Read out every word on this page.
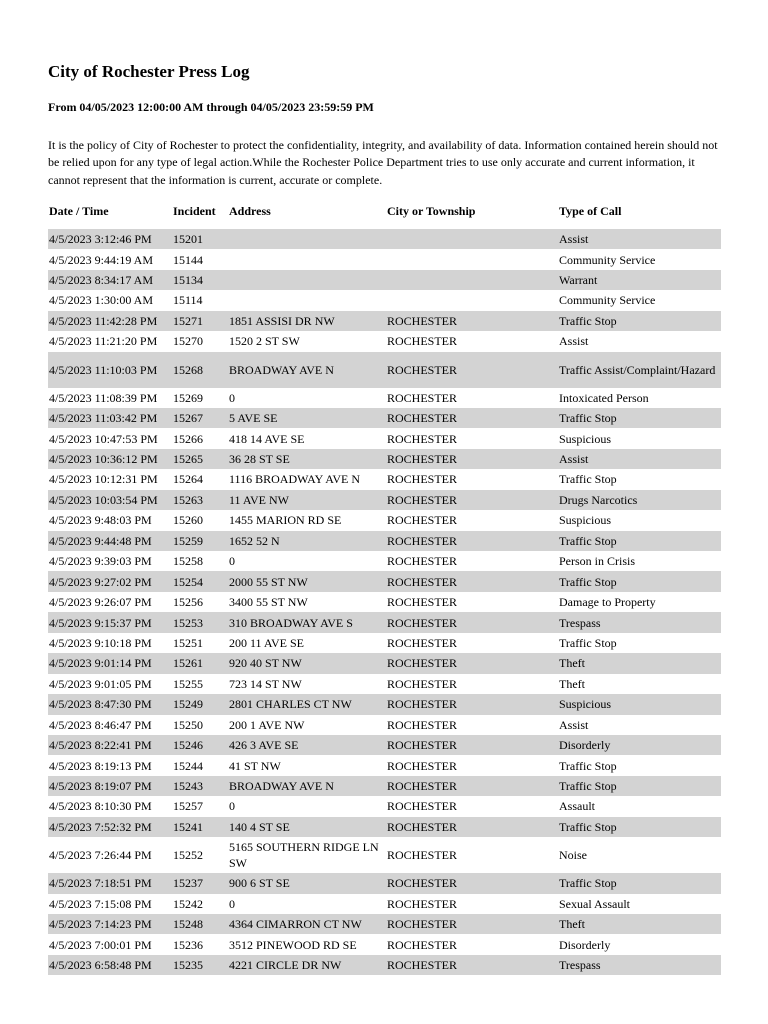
City of Rochester Press Log
From 04/05/2023 12:00:00 AM through 04/05/2023 23:59:59 PM
It is the policy of City of Rochester to protect the confidentiality, integrity, and availability of data. Information contained herein should not be relied upon for any type of legal action.While the Rochester Police Department tries to use only accurate and current information, it cannot represent that the information is current, accurate or complete.
Date / Time	Incident	Address	City or Township	Type of Call
4/5/2023 3:12:46 PM	15201			Assist
4/5/2023 9:44:19 AM	15144			Community Service
4/5/2023 8:34:17 AM	15134			Warrant
4/5/2023 1:30:00 AM	15114			Community Service
4/5/2023 11:42:28 PM	15271	1851 ASSISI DR NW	ROCHESTER	Traffic Stop
4/5/2023 11:21:20 PM	15270	1520 2 ST SW	ROCHESTER	Assist
4/5/2023 11:10:03 PM	15268	BROADWAY AVE N	ROCHESTER	Traffic Assist/Complaint/Hazard
4/5/2023 11:08:39 PM	15269	0	ROCHESTER	Intoxicated Person
4/5/2023 11:03:42 PM	15267	5 AVE SE	ROCHESTER	Traffic Stop
4/5/2023 10:47:53 PM	15266	418 14 AVE SE	ROCHESTER	Suspicious
4/5/2023 10:36:12 PM	15265	36 28 ST SE	ROCHESTER	Assist
4/5/2023 10:12:31 PM	15264	1116 BROADWAY AVE N	ROCHESTER	Traffic Stop
4/5/2023 10:03:54 PM	15263	11 AVE NW	ROCHESTER	Drugs Narcotics
4/5/2023 9:48:03 PM	15260	1455 MARION RD SE	ROCHESTER	Suspicious
4/5/2023 9:44:48 PM	15259	1652 52 N	ROCHESTER	Traffic Stop
4/5/2023 9:39:03 PM	15258	0	ROCHESTER	Person in Crisis
4/5/2023 9:27:02 PM	15254	2000 55 ST NW	ROCHESTER	Traffic Stop
4/5/2023 9:26:07 PM	15256	3400 55 ST NW	ROCHESTER	Damage to Property
4/5/2023 9:15:37 PM	15253	310 BROADWAY AVE S	ROCHESTER	Trespass
4/5/2023 9:10:18 PM	15251	200 11 AVE SE	ROCHESTER	Traffic Stop
4/5/2023 9:01:14 PM	15261	920 40 ST NW	ROCHESTER	Theft
4/5/2023 9:01:05 PM	15255	723 14 ST NW	ROCHESTER	Theft
4/5/2023 8:47:30 PM	15249	2801 CHARLES CT NW	ROCHESTER	Suspicious
4/5/2023 8:46:47 PM	15250	200 1 AVE NW	ROCHESTER	Assist
4/5/2023 8:22:41 PM	15246	426 3 AVE SE	ROCHESTER	Disorderly
4/5/2023 8:19:13 PM	15244	41 ST NW	ROCHESTER	Traffic Stop
4/5/2023 8:19:07 PM	15243	BROADWAY AVE N	ROCHESTER	Traffic Stop
4/5/2023 8:10:30 PM	15257	0	ROCHESTER	Assault
4/5/2023 7:52:32 PM	15241	140 4 ST SE	ROCHESTER	Traffic Stop
4/5/2023 7:26:44 PM	15252	5165 SOUTHERN RIDGE LN SW	ROCHESTER	Noise
4/5/2023 7:18:51 PM	15237	900 6 ST SE	ROCHESTER	Traffic Stop
4/5/2023 7:15:08 PM	15242	0	ROCHESTER	Sexual Assault
4/5/2023 7:14:23 PM	15248	4364 CIMARRON CT NW	ROCHESTER	Theft
4/5/2023 7:00:01 PM	15236	3512 PINEWOOD RD SE	ROCHESTER	Disorderly
4/5/2023 6:58:48 PM	15235	4221 CIRCLE DR NW	ROCHESTER	Trespass
